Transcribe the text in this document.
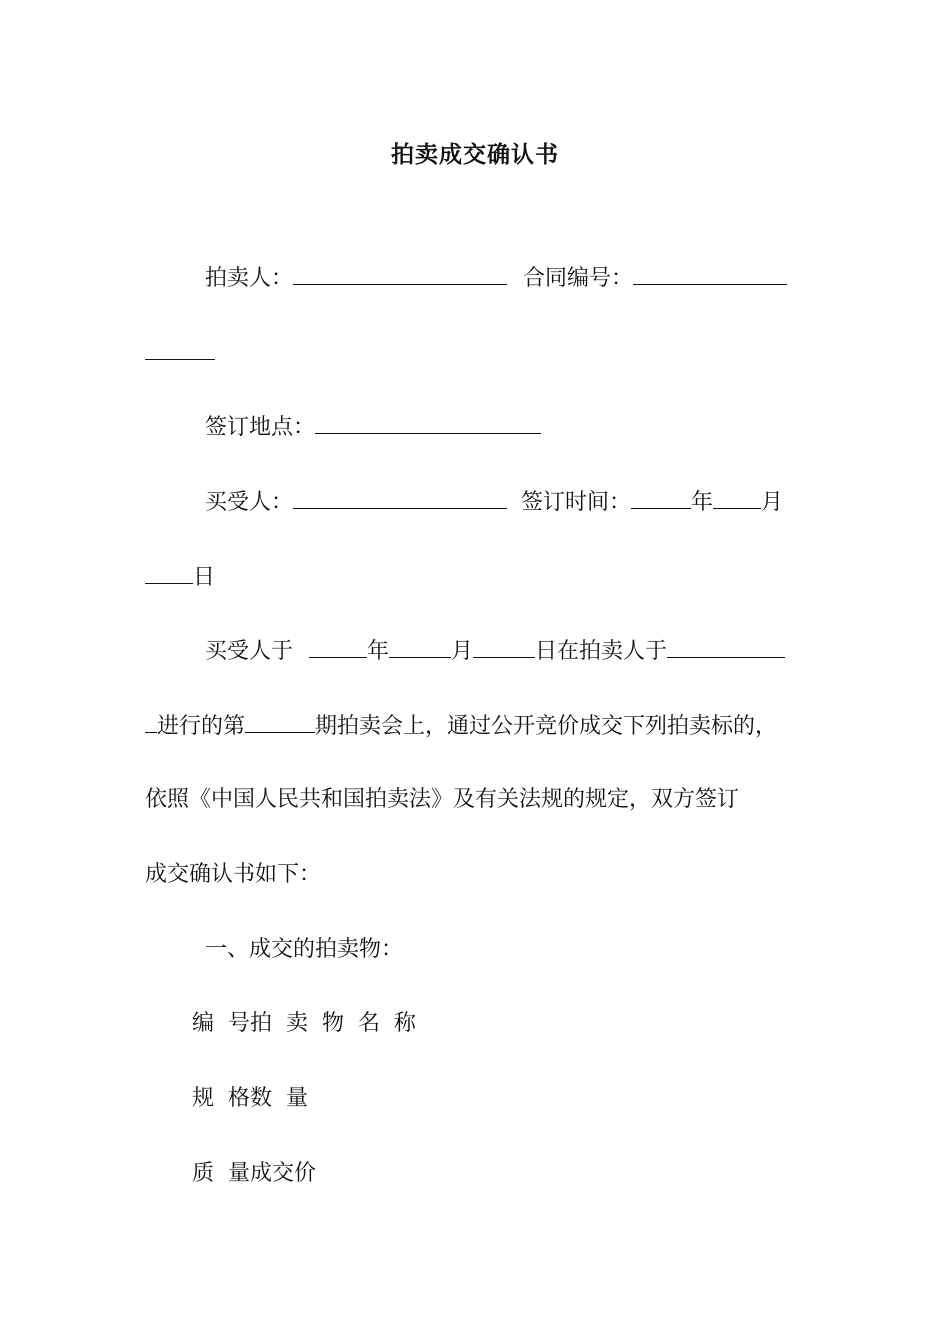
拍卖成交确认书
拍卖人：	合同编号：
签订地点：
买受人：	签订时间：	年 月
日
买受人于	年	月	日在拍卖人于
进行的第	期拍卖会上，通过公开竞价成交下列拍卖标的，
依照《中国人民共和国拍卖法》及有关法规的规定，双方签订
成交确认书如下：
一、成交的拍卖物：
编  号拍  卖  物  名  称
规  格数  量
质  量成交价
